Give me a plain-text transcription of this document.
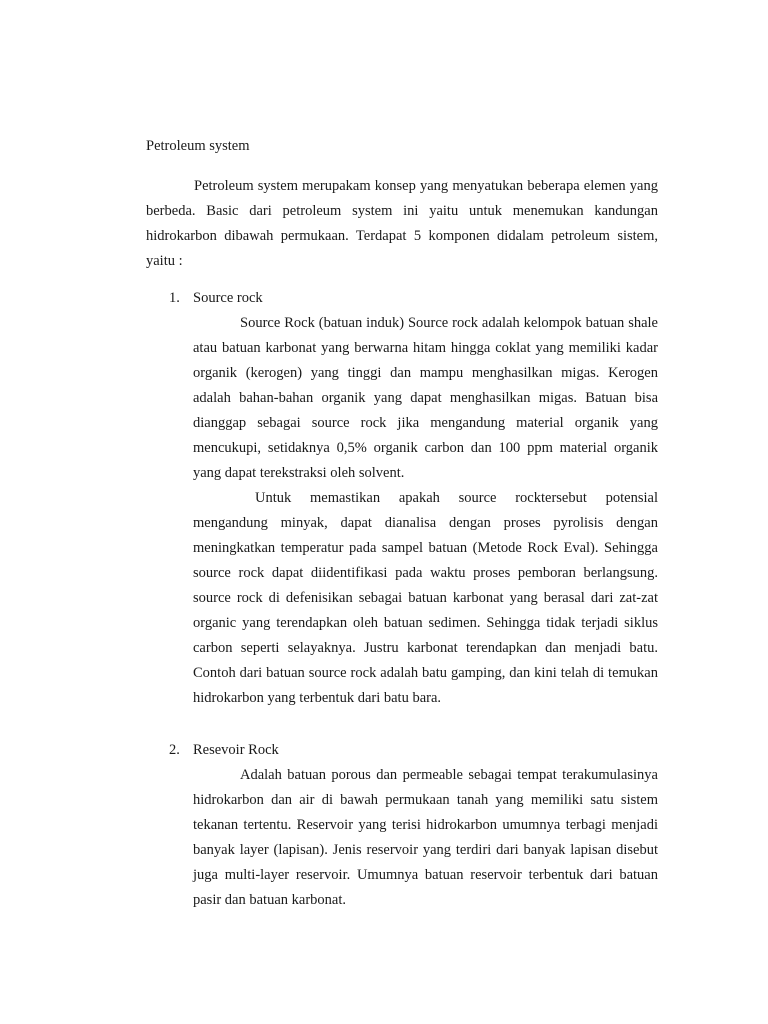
Petroleum system

Petroleum system merupakam konsep yang menyatukan beberapa elemen yang berbeda. Basic dari petroleum system ini yaitu untuk menemukan kandungan hidrokarbon dibawah permukaan. Terdapat 5 komponen didalam petroleum sistem, yaitu :

1. Source rock

Source Rock (batuan induk) Source rock adalah kelompok batuan shale atau batuan karbonat yang berwarna hitam hingga coklat yang memiliki kadar organik (kerogen) yang tinggi dan mampu menghasilkan migas. Kerogen adalah bahan-bahan organik yang dapat menghasilkan migas. Batuan bisa dianggap sebagai source rock jika mengandung material organik yang mencukupi, setidaknya 0,5% organik carbon dan 100 ppm material organik yang dapat terekstraksi oleh solvent.

Untuk memastikan apakah source rocktersebut potensial mengandung minyak, dapat dianalisa dengan proses pyrolisis dengan meningkatkan temperatur pada sampel batuan (Metode Rock Eval). Sehingga source rock dapat diidentifikasi pada waktu proses pemboran berlangsung. source rock di defenisikan sebagai batuan karbonat yang berasal dari zat-zat organic yang terendapkan oleh batuan sedimen. Sehingga tidak terjadi siklus carbon seperti selayaknya. Justru karbonat terendapkan dan menjadi batu. Contoh dari batuan source rock adalah batu gamping, dan kini telah di temukan hidrokarbon yang terbentuk dari batu bara.

2. Resevoir Rock

Adalah batuan porous dan permeable sebagai tempat terakumulasinya hidrokarbon dan air di bawah permukaan tanah yang memiliki satu sistem tekanan tertentu. Reservoir yang terisi hidrokarbon umumnya terbagi menjadi banyak layer (lapisan). Jenis reservoir yang terdiri dari banyak lapisan disebut juga multi-layer reservoir. Umumnya batuan reservoir terbentuk dari batuan pasir dan batuan karbonat.
